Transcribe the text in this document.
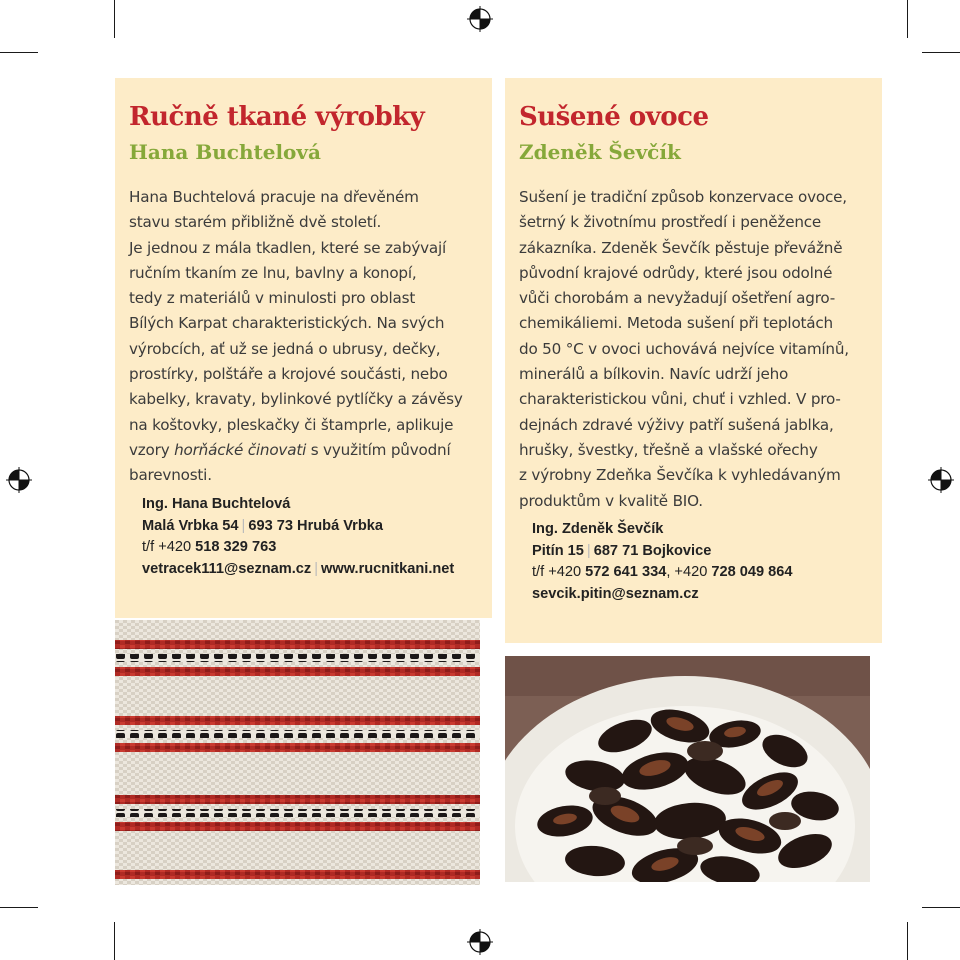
Ručně tkané výrobky
Hana Buchtelová
Hana Buchtelová pracuje na dřevěném
stavu starém přibližně dvě století.
Je jednou z mála tkadlen, které se zabývají
ručním tkaním ze lnu, bavlny a konopí,
tedy z materiálů v minulosti pro oblast
Bílých Karpat charakteristických. Na svých
výrobcích, ať už se jedná o ubrusy, dečky,
prostírky, polštáře a krojové součásti, nebo
kabelky, kravaty, bylinkové pytlíčky a závěsy
na koštovky, pleskačky či štamprle, aplikuje
vzory horňácké činovati s využitím původní
barevnosti.
Ing. Hana Buchtelová
Malá Vrbka 54 | 693 73 Hrubá Vrbka
t/f +420 518 329 763
vetracek111@seznam.cz | www.rucnitkani.net
Sušené ovoce
Zdeněk Ševčík
Sušení je tradiční způsob konzervace ovoce,
šetrný k životnímu prostředí i peněžence
zákazníka. Zdeněk Ševčík pěstuje převážně
původní krajové odrůdy, které jsou odolné
vůči chorobám a nevyžadují ošetření agro-
chemikáliemi. Metoda sušení při teplotách
do 50 °C v ovoci uchovává nejvíce vitamínů,
minerálů a bílkovin. Navíc udrží jeho
charakteristickou vůni, chuť i vzhled. V pro-
dejnách zdravé výživy patří sušená jablka,
hrušky, švestky, třešně a vlašské ořechy
z výrobny Zdeňka Ševčíka k vyhledávaným
produktům v kvalitě BIO.
Ing. Zdeněk Ševčík
Pitín 15 | 687 71 Bojkovice
t/f +420 572 641 334, +420 728 049 864
sevcik.pitin@seznam.cz
